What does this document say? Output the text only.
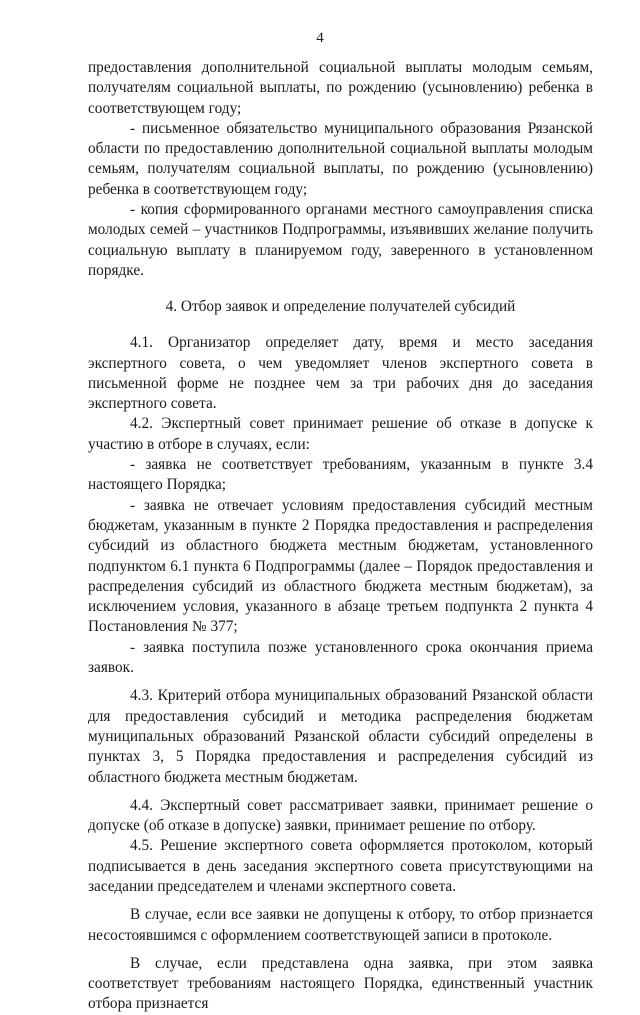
4

предоставления дополнительной социальной выплаты молодым семьям, получателям социальной выплаты, по рождению (усыновлению) ребенка в соответствующем году;

- письменное обязательство муниципального образования Рязанской области по предоставлению дополнительной социальной выплаты молодым семьям, получателям социальной выплаты, по рождению (усыновлению) ребенка в соответствующем году;

- копия сформированного органами местного самоуправления списка молодых семей – участников Подпрограммы, изъявивших желание получить социальную выплату в планируемом году, заверенного в установленном порядке.

4. Отбор заявок и определение получателей субсидий

4.1. Организатор определяет дату, время и место заседания экспертного совета, о чем уведомляет членов экспертного совета в письменной форме не позднее чем за три рабочих дня до заседания экспертного совета.

4.2. Экспертный совет принимает решение об отказе в допуске к участию в отборе в случаях, если:

- заявка не соответствует требованиям, указанным в пункте 3.4 настоящего Порядка;

- заявка не отвечает условиям предоставления субсидий местным бюджетам, указанным в пункте 2 Порядка предоставления и распределения субсидий из областного бюджета местным бюджетам, установленного подпунктом 6.1 пункта 6 Подпрограммы (далее – Порядок предоставления и распределения субсидий из областного бюджета местным бюджетам), за исключением условия, указанного в абзаце третьем подпункта 2 пункта 4 Постановления № 377;

- заявка поступила позже установленного срока окончания приема заявок.

4.3. Критерий отбора муниципальных образований Рязанской области для предоставления субсидий и методика распределения бюджетам муниципальных образований Рязанской области субсидий определены в пунктах 3, 5 Порядка предоставления и распределения субсидий из областного бюджета местным бюджетам.

4.4. Экспертный совет рассматривает заявки, принимает решение о допуске (об отказе в допуске) заявки, принимает решение по отбору.

4.5. Решение экспертного совета оформляется протоколом, который подписывается в день заседания экспертного совета присутствующими на заседании председателем и членами экспертного совета.

В случае, если все заявки не допущены к отбору, то отбор признается несостоявшимся с оформлением соответствующей записи в протоколе.

В случае, если представлена одна заявка, при этом заявка соответствует требованиям настоящего Порядка, единственный участник отбора признается
